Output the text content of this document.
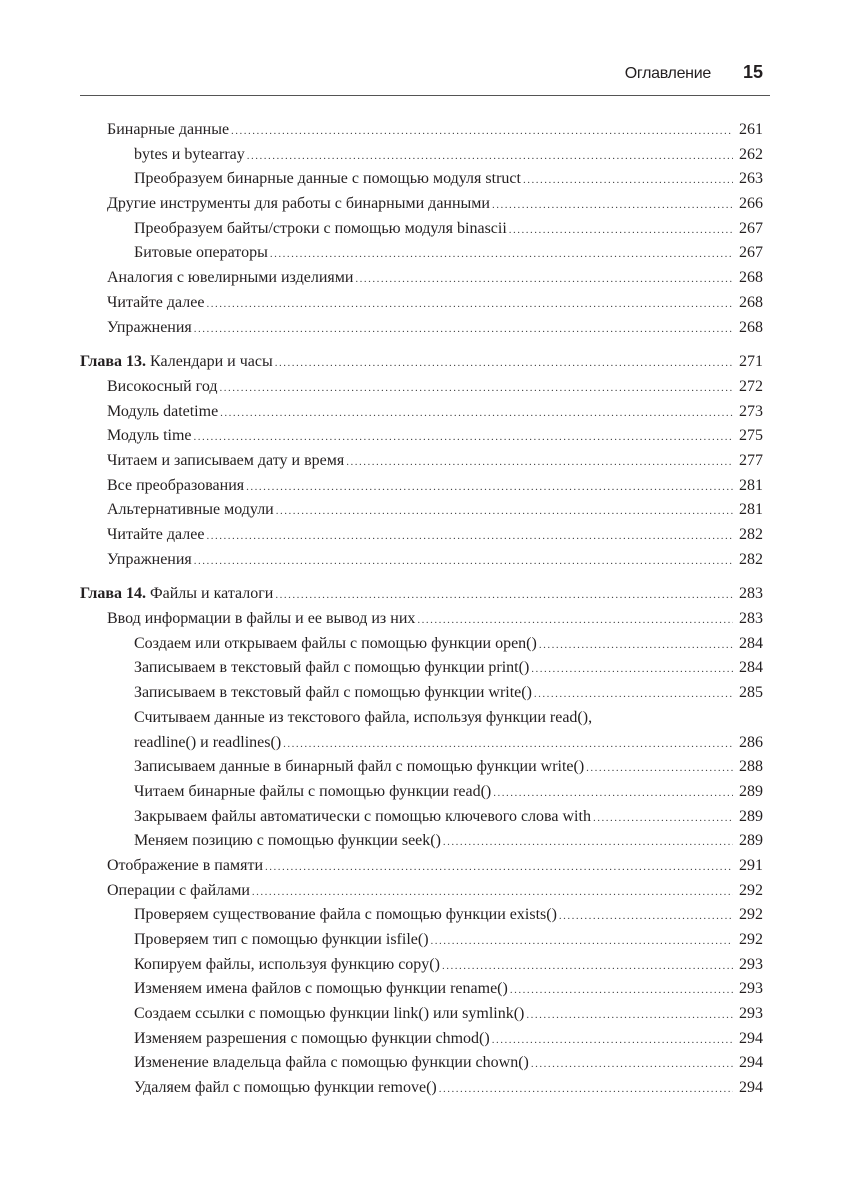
Оглавление 15
Бинарные данные .....	261
bytes и bytearray .....	262
Преобразуем бинарные данные с помощью модуля struct .....	263
Другие инструменты для работы с бинарными данными .....	266
Преобразуем байты/строки с помощью модуля binascii .....	267
Битовые операторы .....	267
Аналогия с ювелирными изделиями .....	268
Читайте далее .....	268
Упражнения .....	268
Глава 13. Календари и часы .....	271
Високосный год .....	272
Модуль datetime .....	273
Модуль time .....	275
Читаем и записываем дату и время .....	277
Все преобразования .....	281
Альтернативные модули .....	281
Читайте далее .....	282
Упражнения .....	282
Глава 14. Файлы и каталоги .....	283
Ввод информации в файлы и ее вывод из них .....	283
Создаем или открываем файлы с помощью функции open() .....	284
Записываем в текстовый файл с помощью функции print() .....	284
Записываем в текстовый файл с помощью функции write() .....	285
Считываем данные из текстового файла, используя функции read(),
readline() и readlines() .....	286
Записываем данные в бинарный файл с помощью функции write() .....	288
Читаем бинарные файлы с помощью функции read() .....	289
Закрываем файлы автоматически с помощью ключевого слова with .....	289
Меняем позицию с помощью функции seek() .....	289
Отображение в памяти .....	291
Операции с файлами .....	292
Проверяем существование файла с помощью функции exists() .....	292
Проверяем тип с помощью функции isfile() .....	292
Копируем файлы, используя функцию copy() .....	293
Изменяем имена файлов с помощью функции rename() .....	293
Создаем ссылки с помощью функции link() или symlink() .....	293
Изменяем разрешения с помощью функции chmod() .....	294
Изменение владельца файла с помощью функции chown() .....	294
Удаляем файл с помощью функции remove() .....	294
